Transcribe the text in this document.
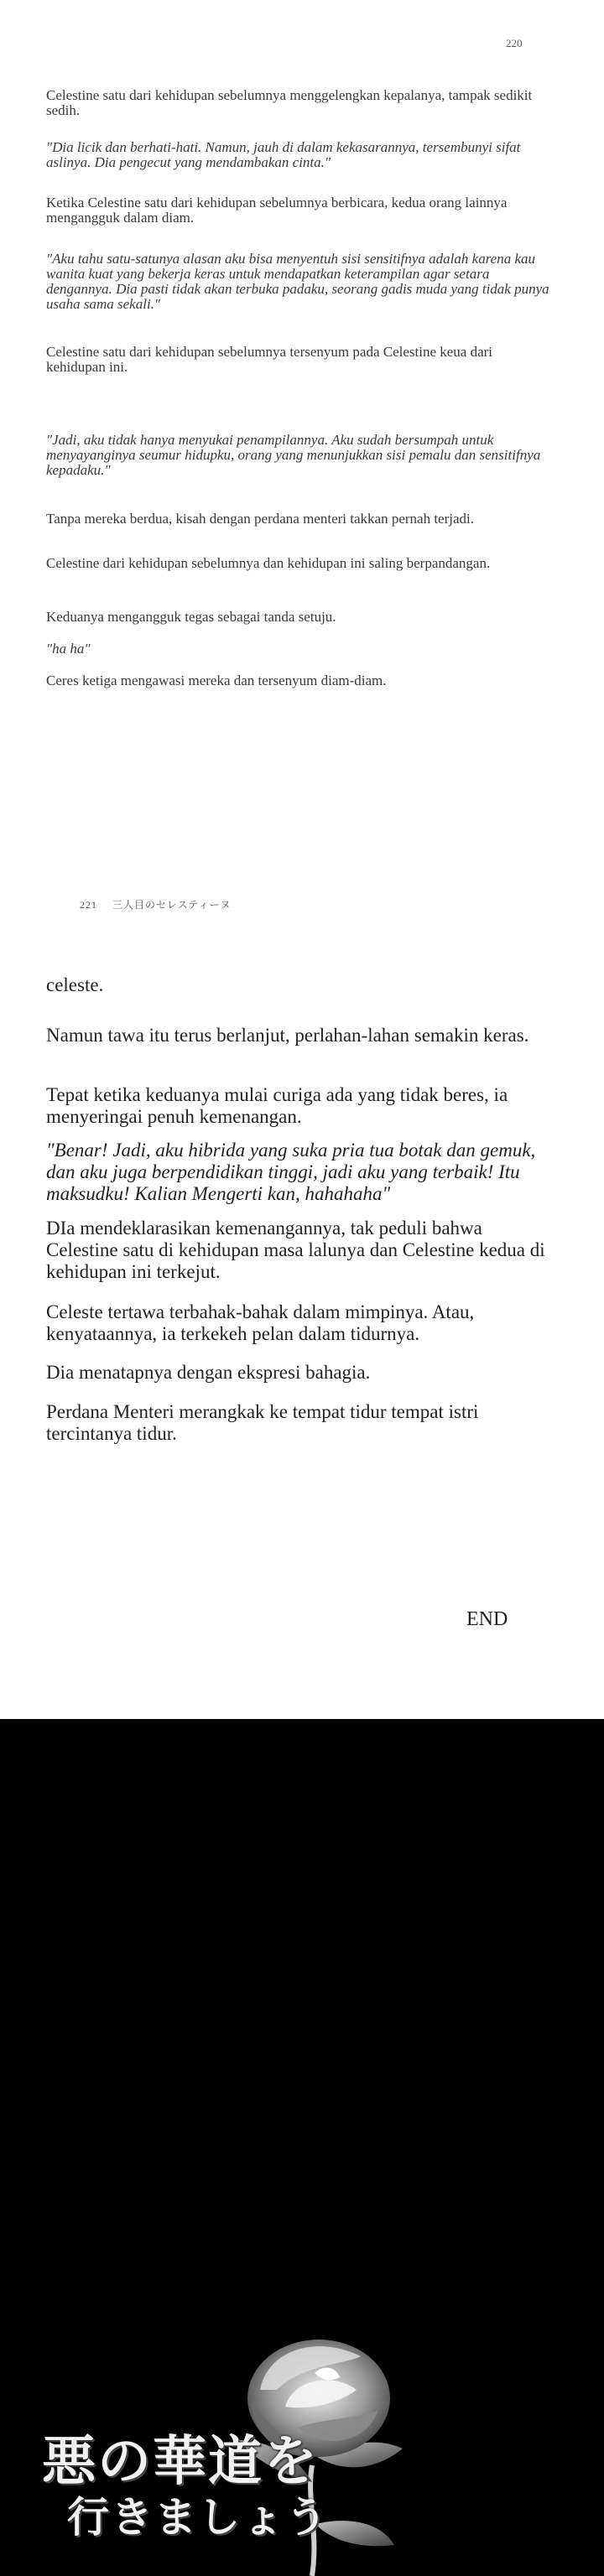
220

Celestine satu dari kehidupan sebelumnya menggelengkan kepalanya, tampak sedikit sedih.

"Dia licik dan berhati-hati. Namun, jauh di dalam kekasarannya, tersembunyi sifat aslinya. Dia pengecut yang mendambakan cinta."

Ketika Celestine satu dari kehidupan sebelumnya berbicara, kedua orang lainnya mengangguk dalam diam.

"Aku tahu satu-satunya alasan aku bisa menyentuh sisi sensitifnya adalah karena kau wanita kuat yang bekerja keras untuk mendapatkan keterampilan agar setara dengannya. Dia pasti tidak akan terbuka padaku, seorang gadis muda yang tidak punya usaha sama sekali."

Celestine satu dari kehidupan sebelumnya tersenyum pada Celestine keua dari kehidupan ini.

"Jadi, aku tidak hanya menyukai penampilannya. Aku sudah bersumpah untuk menyayanginya seumur hidupku, orang yang menunjukkan sisi pemalu dan sensitifnya kepadaku."

Tanpa mereka berdua, kisah dengan perdana menteri takkan pernah terjadi.

Celestine dari kehidupan sebelumnya dan kehidupan ini saling berpandangan.

Keduanya mengangguk tegas sebagai tanda setuju.

"ha ha"

Ceres ketiga mengawasi mereka dan tersenyum diam-diam.

221 三人目のセレスティーヌ

celeste.

Namun tawa itu terus berlanjut, perlahan-lahan semakin keras.

Tepat ketika keduanya mulai curiga ada yang tidak beres, ia menyeringai penuh kemenangan.

"Benar! Jadi, aku hibrida yang suka pria tua botak dan gemuk, dan aku juga berpendidikan tinggi, jadi aku yang terbaik! Itu maksudku! Kalian Mengerti kan, hahahaha"

DIa mendeklarasikan kemenangannya, tak peduli bahwa Celestine satu di kehidupan masa lalunya dan Celestine kedua di kehidupan ini terkejut.

Celeste tertawa terbahak-bahak dalam mimpinya. Atau, kenyataannya, ia terkekeh pelan dalam tidurnya.

Dia menatapnya dengan ekspresi bahagia.

Perdana Menteri merangkak ke tempat tidur tempat istri tercintanya tidur.

END
悪の華道を
行きましょう
